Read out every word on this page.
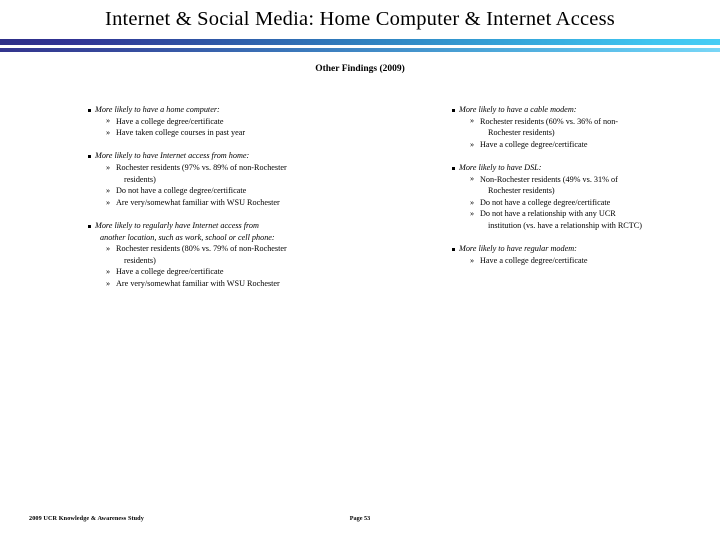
Internet & Social Media: Home Computer & Internet Access
Other Findings (2009)
More likely to have a home computer:
» Have a college degree/certificate
» Have taken college courses in past year
More likely to have Internet access from home:
» Rochester residents (97% vs. 89% of non-Rochester
residents)
» Do not have a college degree/certificate
» Are very/somewhat familiar with WSU Rochester
More likely to regularly have Internet access from
another location, such as work, school or cell phone:
» Rochester residents (80% vs. 79% of non-Rochester
residents)
» Have a college degree/certificate
» Are very/somewhat familiar with WSU Rochester
More likely to have a cable modem:
» Rochester residents (60% vs. 36% of non-
Rochester residents)
» Have a college degree/certificate
More likely to have DSL:
» Non-Rochester residents (49% vs. 31% of
Rochester residents)
» Do not have a college degree/certificate
» Do not have a relationship with any UCR
institution (vs. have a relationship with RCTC)
More likely to have regular modem:
» Have a college degree/certificate
2009 UCR Knowledge & Awareness Study	Page 53
